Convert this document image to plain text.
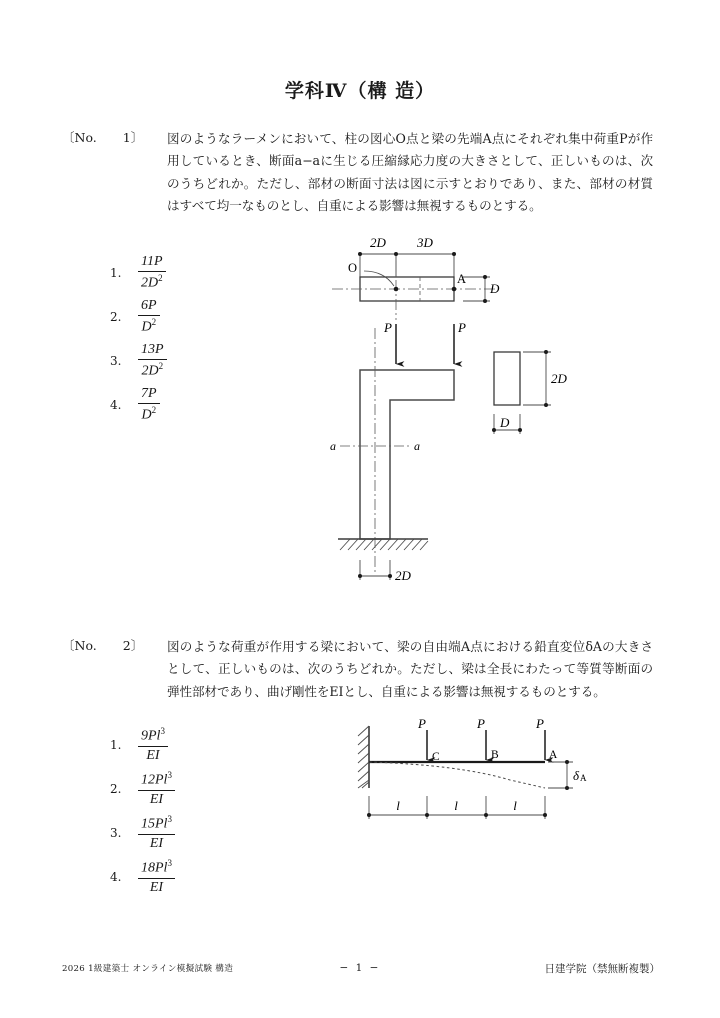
学科Ⅳ（構 造）
〔No. 1〕	図のようなラーメンにおいて、柱の図心O点と梁の先端A点にそれぞれ集中荷重Pが作用しているとき、断面a−aに生じる圧縮縁応力度の大きさとして、正しいものは、次のうちどれか。ただし、部材の断面寸法は図に示すとおりであり、また、部材の材質はすべて均一なものとし、自重による影響は無視するものとする。
1. $\frac{11P}{2D^2}$
2. $\frac{6P}{D^2}$
3. $\frac{13P}{2D^2}$
4. $\frac{7P}{D^2}$
2D 3D
O
A
D
P	P
a	a
2D
2D
D
〔No. 2〕	図のような荷重が作用する梁において、梁の自由端A点における鉛直変位δAの大きさとして、正しいものは、次のうちどれか。ただし、梁は全長にわたって等質等断面の弾性部材であり、曲げ剛性をEIとし、自重による影響は無視するものとする。
1. $\frac{9Pl^3}{EI}$
2. $\frac{12Pl^3}{EI}$
3. $\frac{15Pl^3}{EI}$
4. $\frac{18Pl^3}{EI}$
P	P	P
C	B	A
δA
l	l	l
2026 1級建築士 オンライン模擬試験 構造	− 1 −	日建学院（禁無断複製）
